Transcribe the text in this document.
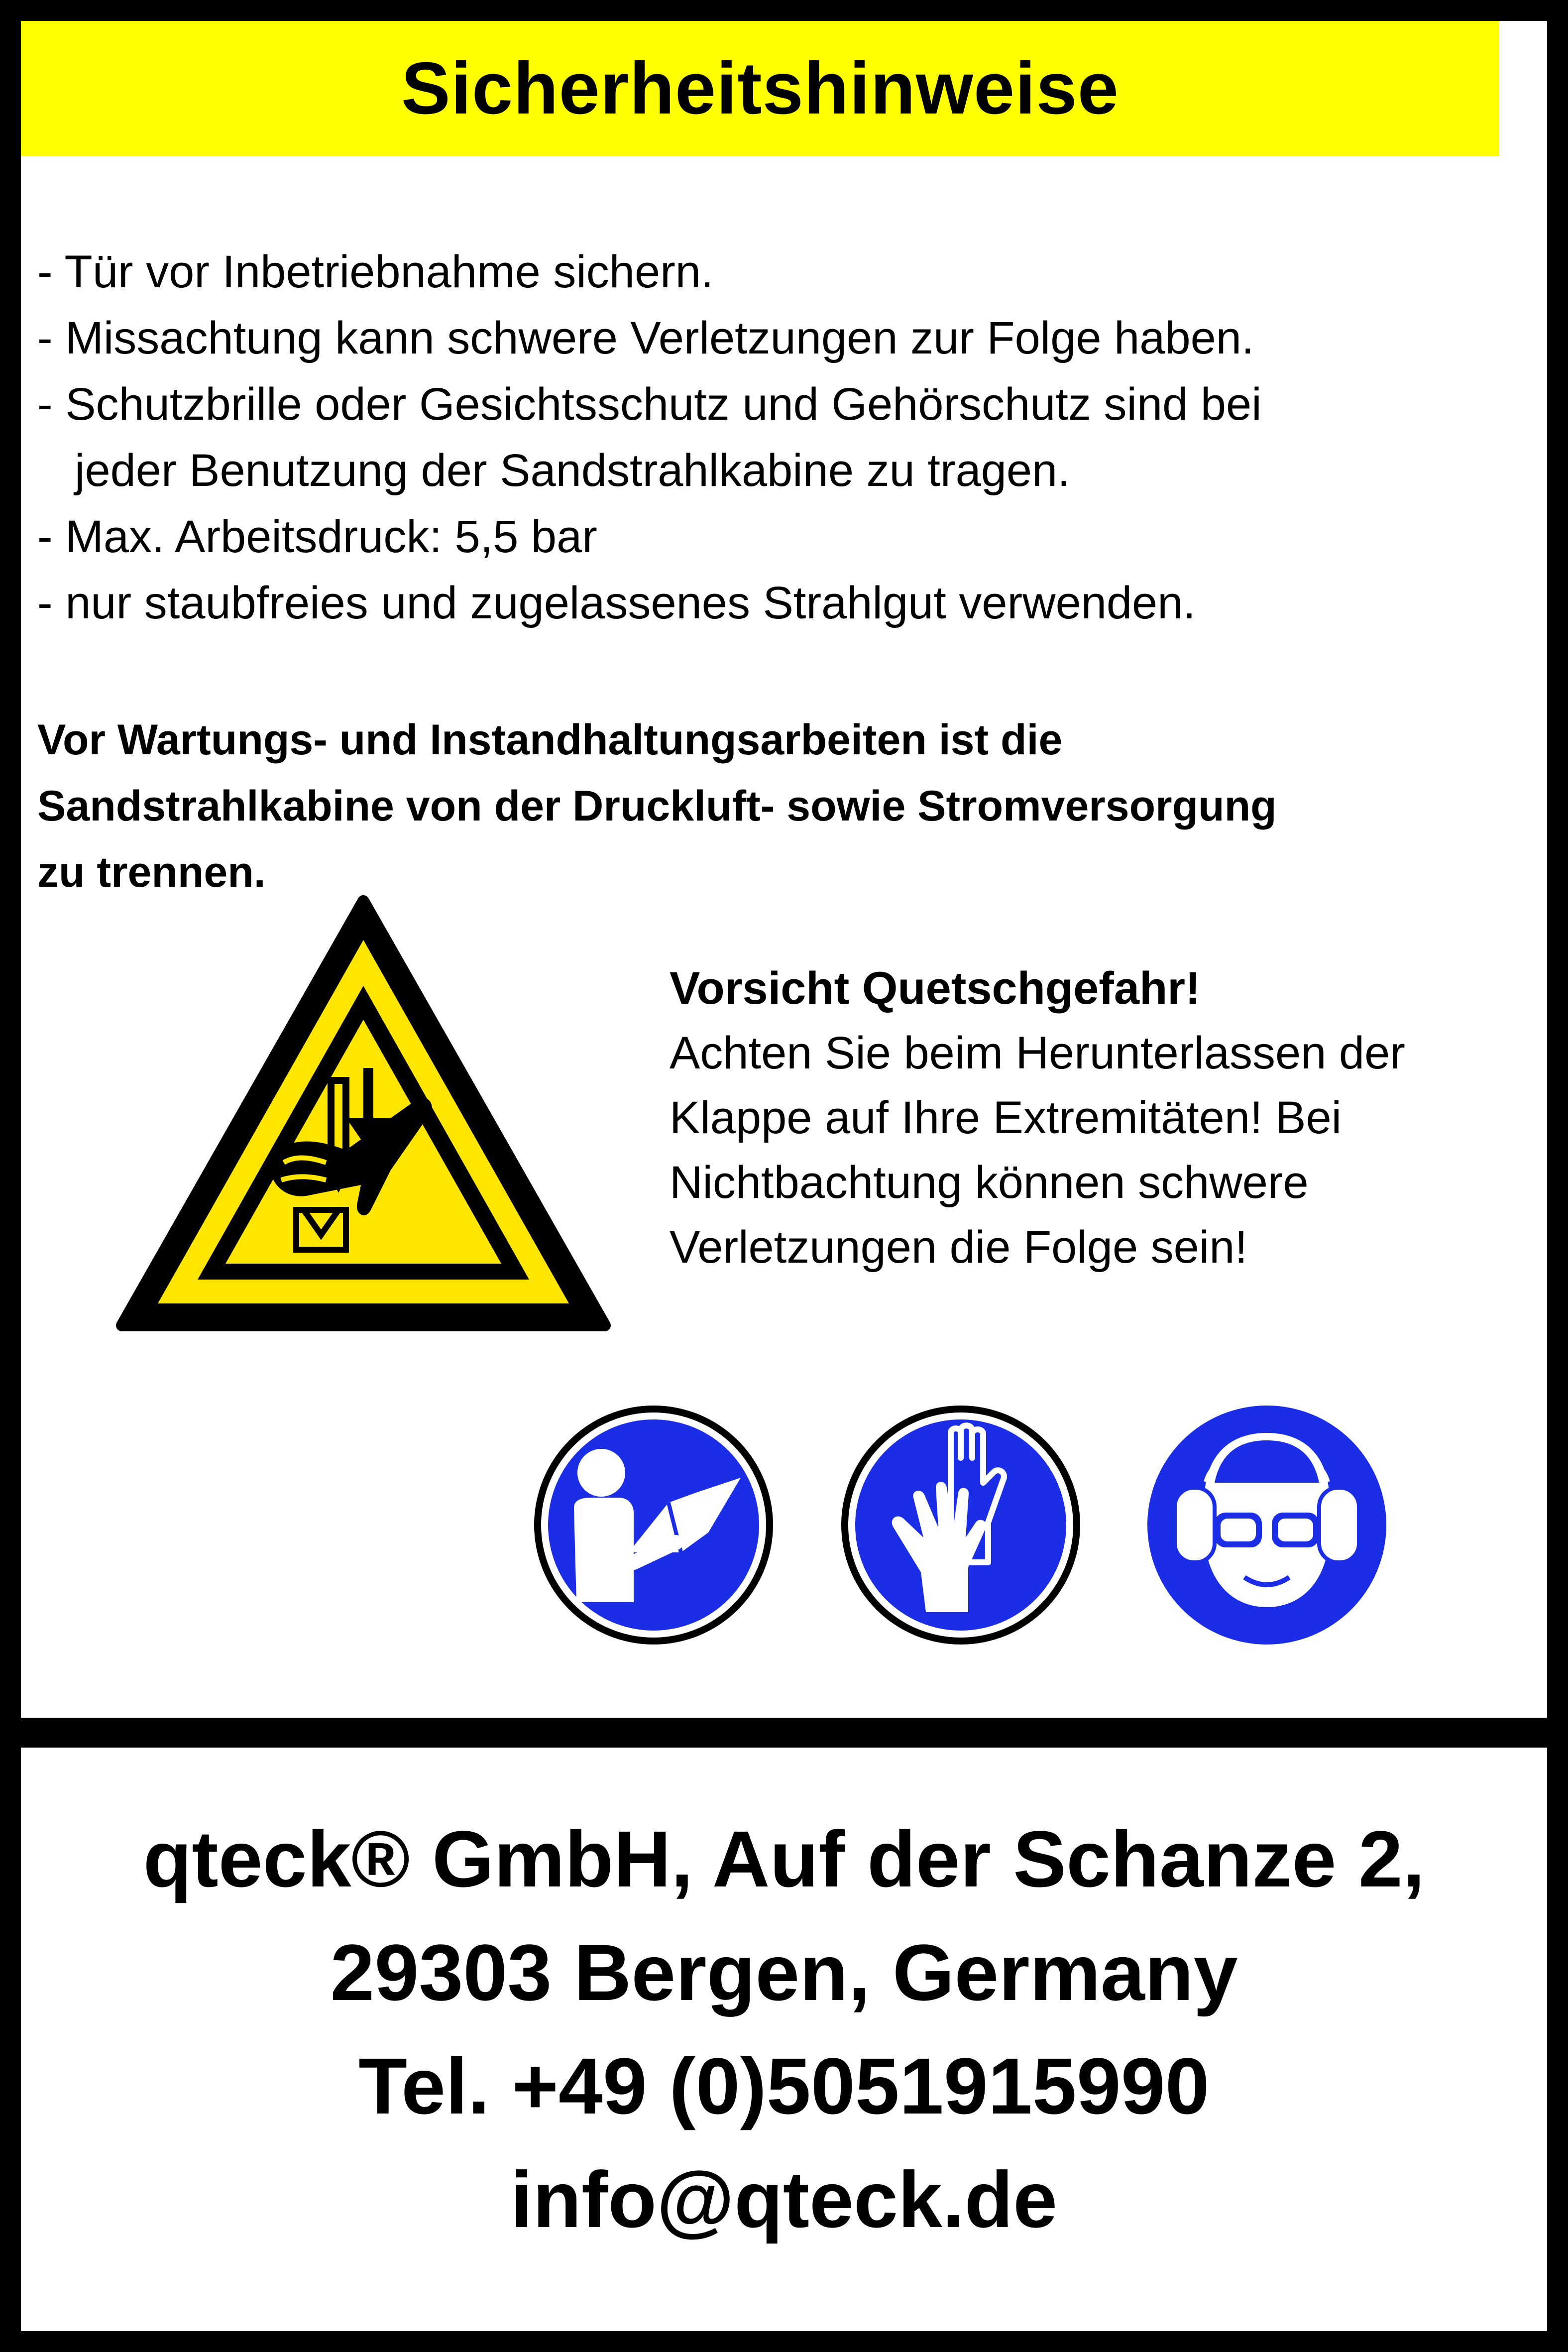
Sicherheitshinweise
- Tür vor Inbetriebnahme sichern.
- Missachtung kann schwere Verletzungen zur Folge haben.
- Schutzbrille oder Gesichtsschutz und Gehörschutz sind bei
jeder Benutzung der Sandstrahlkabine zu tragen.
- Max. Arbeitsdruck: 5,5 bar
- nur staubfreies und zugelassenes Strahlgut verwenden.
Vor Wartungs- und Instandhaltungsarbeiten ist die
Sandstrahlkabine von der Druckluft- sowie Stromversorgung
zu trennen.
Vorsicht Quetschgefahr!
Achten Sie beim Herunterlassen der
Klappe auf Ihre Extremitäten! Bei
Nichtbachtung können schwere
Verletzungen die Folge sein!
qteck® GmbH, Auf der Schanze 2,
29303 Bergen, Germany
Tel. +49 (0)5051915990
info@qteck.de
